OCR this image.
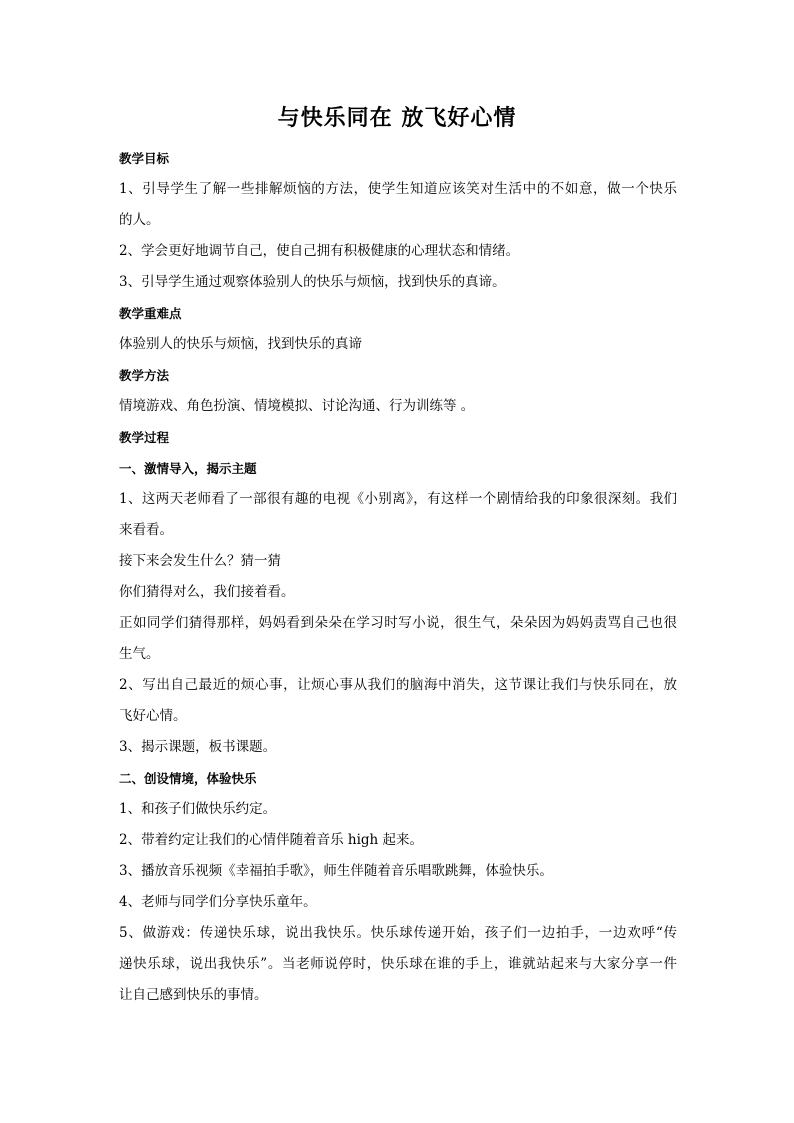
与快乐同在 放飞好心情
教学目标
1、引导学生了解一些排解烦恼的方法，使学生知道应该笑对生活中的不如意，做一个快乐
的人。
2、学会更好地调节自己，使自己拥有积极健康的心理状态和情绪。
3、引导学生通过观察体验别人的快乐与烦恼，找到快乐的真谛。
教学重难点
体验别人的快乐与烦恼，找到快乐的真谛
教学方法
情境游戏、角色扮演、情境模拟、讨论沟通、行为训练等 。
教学过程
一、激情导入，揭示主题
1、这两天老师看了一部很有趣的电视《小别离》，有这样一个剧情给我的印象很深刻。我们
来看看。
接下来会发生什么？猜一猜
你们猜得对么，我们接着看。
正如同学们猜得那样，妈妈看到朵朵在学习时写小说，很生气，朵朵因为妈妈责骂自己也很
生气。
2、写出自己最近的烦心事，让烦心事从我们的脑海中消失，这节课让我们与快乐同在，放
飞好心情。
3、揭示课题，板书课题。
二、创设情境，体验快乐
1、和孩子们做快乐约定。
2、带着约定让我们的心情伴随着音乐 high 起来。
3、播放音乐视频《幸福拍手歌》，师生伴随着音乐唱歌跳舞，体验快乐。
4、老师与同学们分享快乐童年。
5、做游戏：传递快乐球，说出我快乐。快乐球传递开始，孩子们一边拍手，一边欢呼“传
递快乐球，说出我快乐”。当老师说停时，快乐球在谁的手上，谁就站起来与大家分享一件
让自己感到快乐的事情。
